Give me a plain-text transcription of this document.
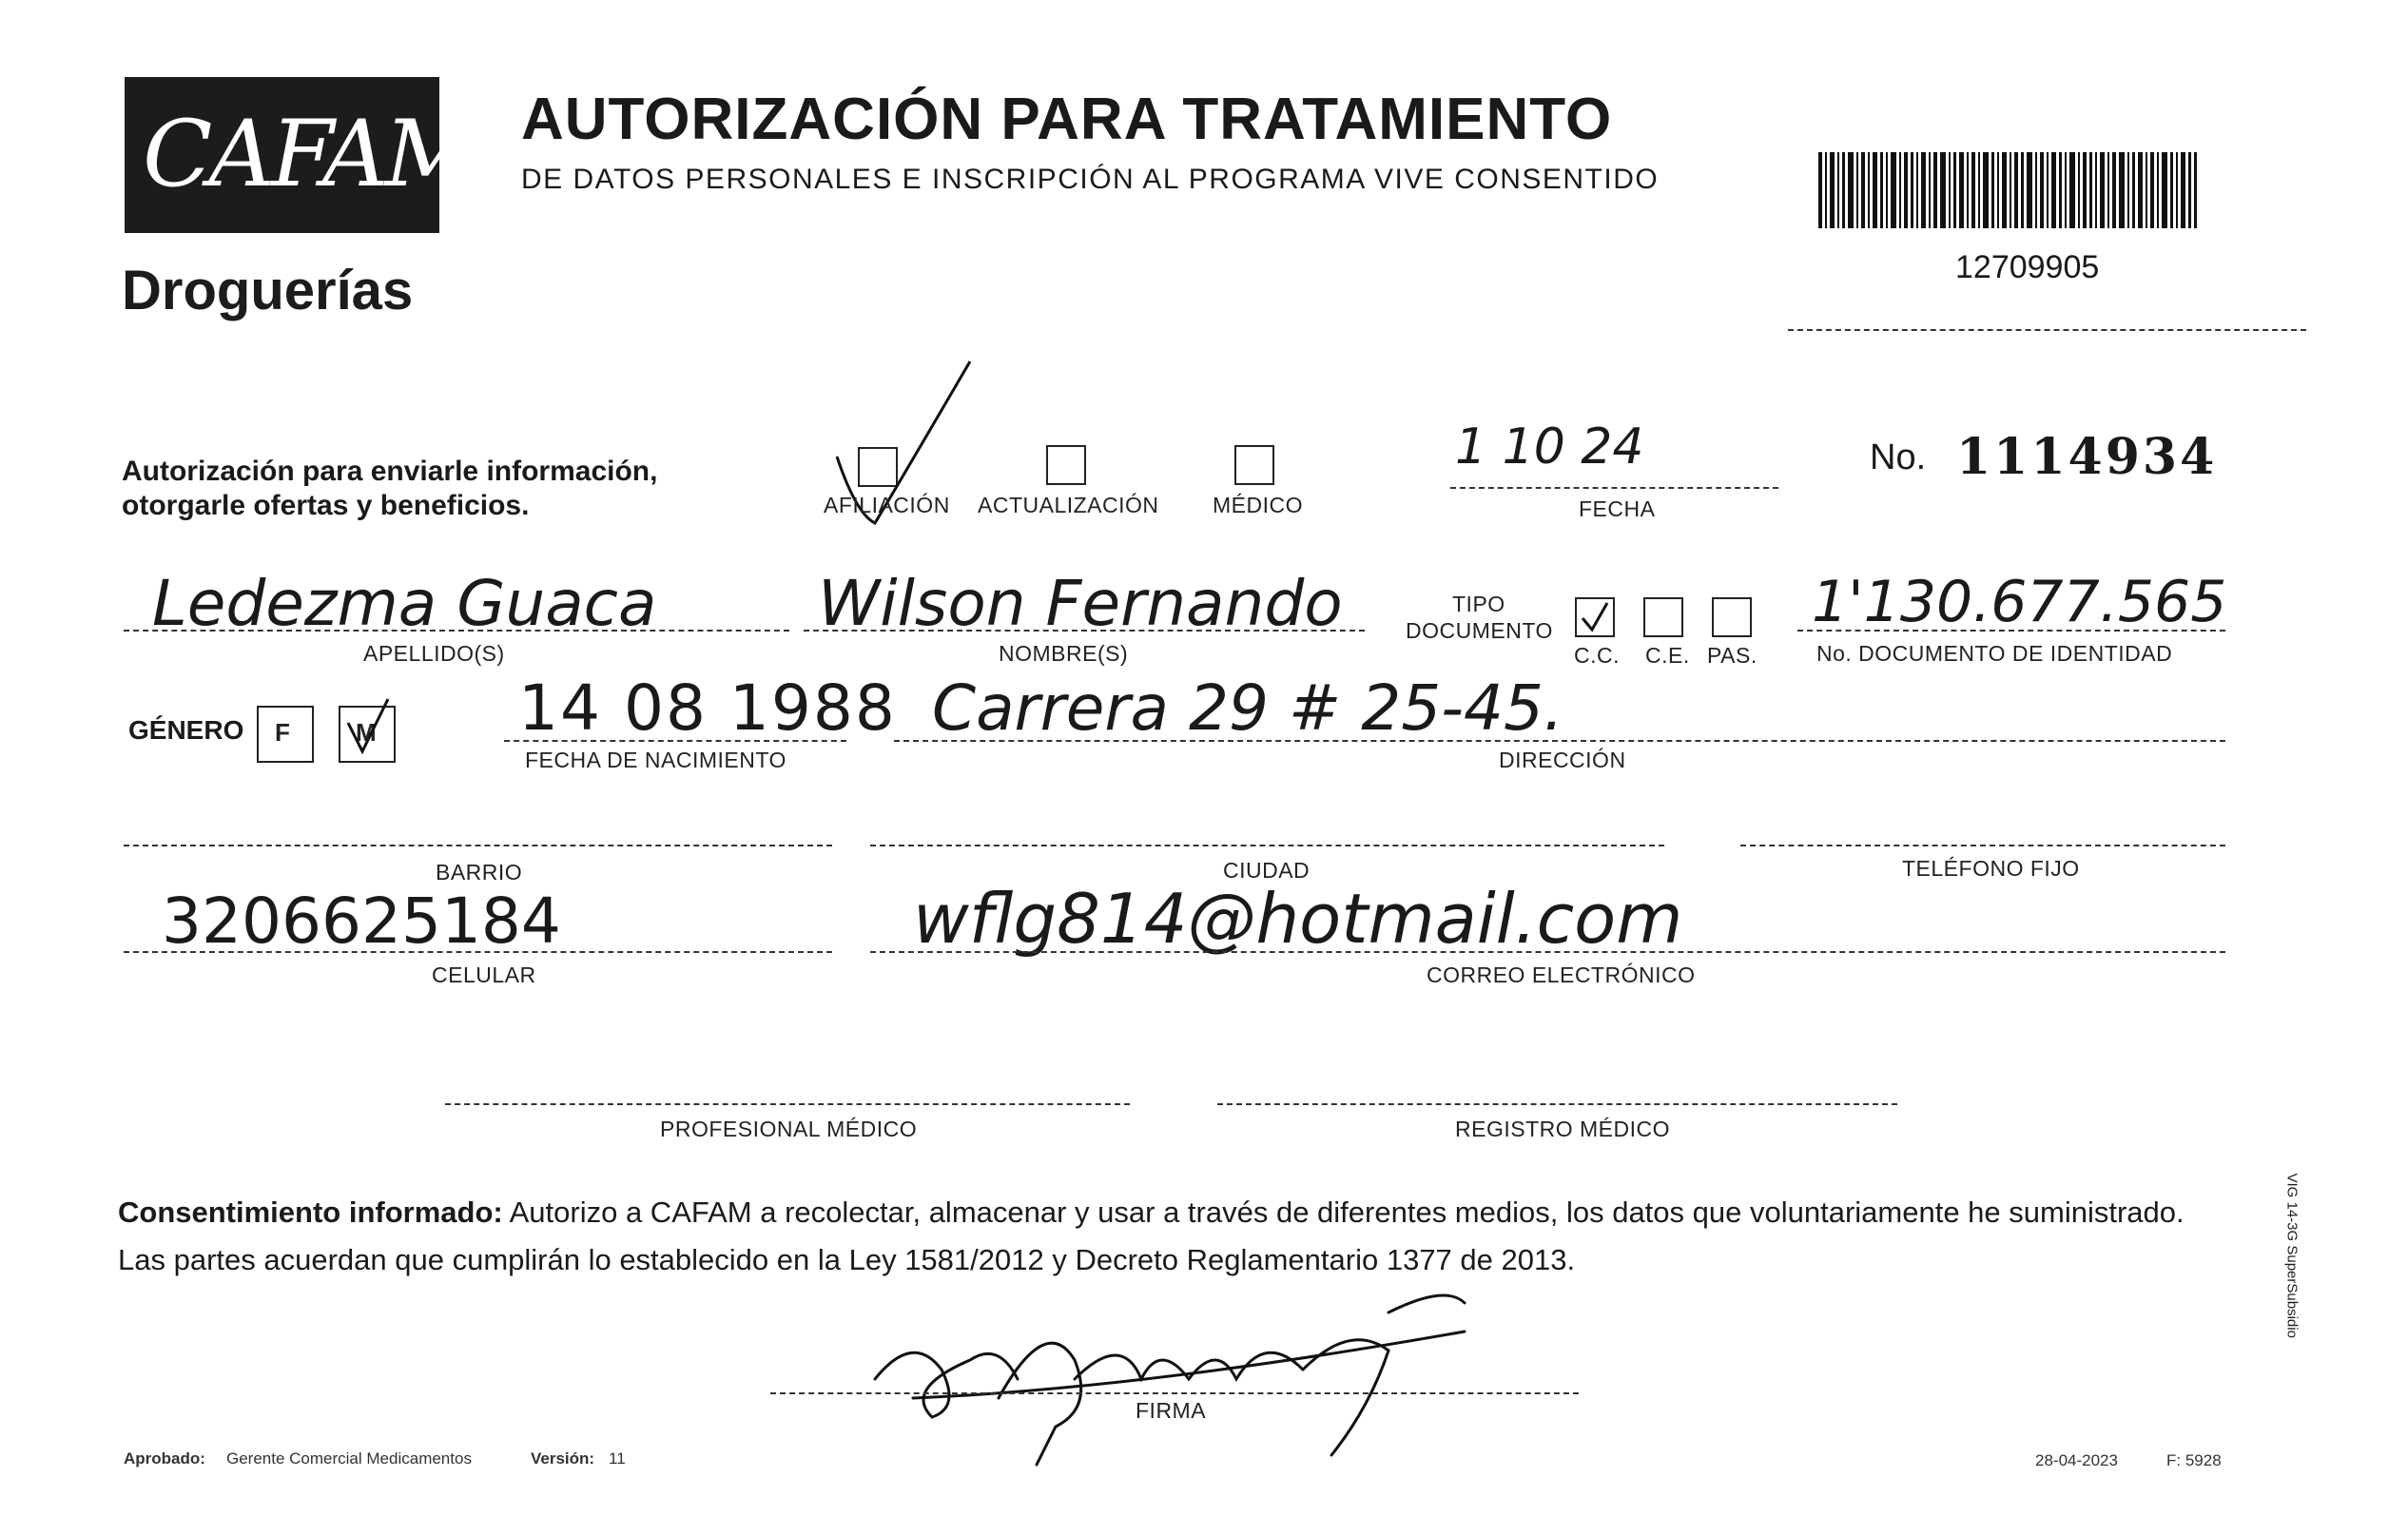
CAFAM
Droguerías
AUTORIZACIÓN PARA TRATAMIENTO
DE DATOS PERSONALES E INSCRIPCIÓN AL PROGRAMA VIVE CONSENTIDO
12709905
Autorización para enviarle información,
otorgarle ofertas y beneficios.	AFILIACIÓN ACTUALIZACIÓN MÉDICO
1 10 24
FECHA
No. 1114934
Ledezma Guaca
APELLIDO(S)
Wilson Fernando
NOMBRE(S)
TIPO
DOCUMENTO
C.C. C.E. PAS.
1'130.677.565
No. DOCUMENTO DE IDENTIDAD
GÉNERO F	M 14 08 1988
FECHA DE NACIMIENTO
Carrera 29 # 25-45.
DIRECCIÓN
BARRIO	CIUDAD	TELÉFONO FIJO
3206625184
CELULAR
wflg814@hotmail.com
CORREO ELECTRÓNICO
PROFESIONAL MÉDICO	REGISTRO MÉDICO
Consentimiento informado: Autorizo a CAFAM a recolectar, almacenar y usar a través de diferentes medios, los datos que voluntariamente he suministrado.
Las partes acuerdan que cumplirán lo establecido en la Ley 1581/2012 y Decreto Reglamentario 1377 de 2013.
FIRMA
Aprobado: Gerente Comercial Medicamentos	Versión: 11	28-04-2023	F: 5928
VIG 14-3G SuperSubsidio
